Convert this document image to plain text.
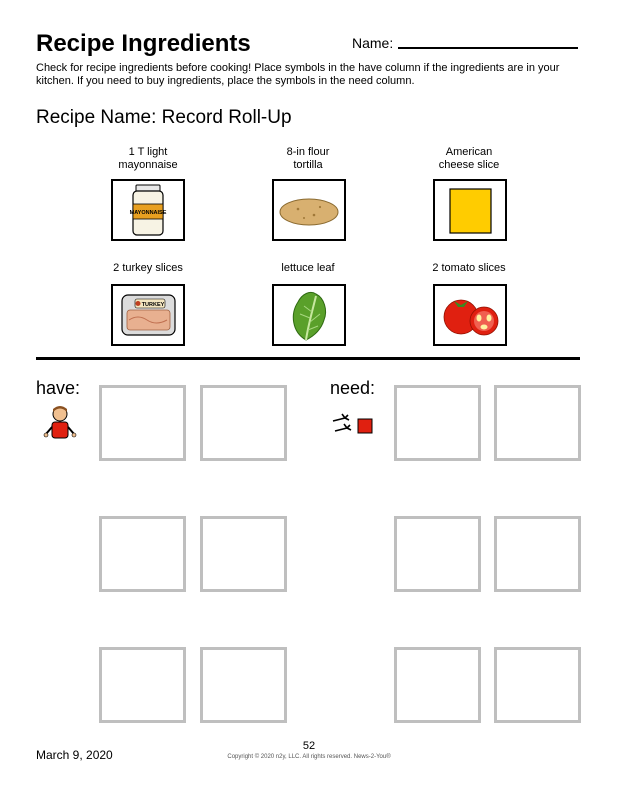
Recipe Ingredients	Name:
Check for recipe ingredients before cooking! Place symbols in the have column if the ingredients are in your kitchen. If you need to buy ingredients, place the symbols in the need column.
Recipe Name: Record Roll-Up
1 T light
mayonnaise
MAYONNAISE
8-in flour
tortilla
American
cheese slice
2 turkey slices
TURKEY
lettuce leaf	2 tomato slices
have:	need:
52
March 9, 2020	Copyright © 2020 n2y, LLC. All rights reserved. News-2-You®
